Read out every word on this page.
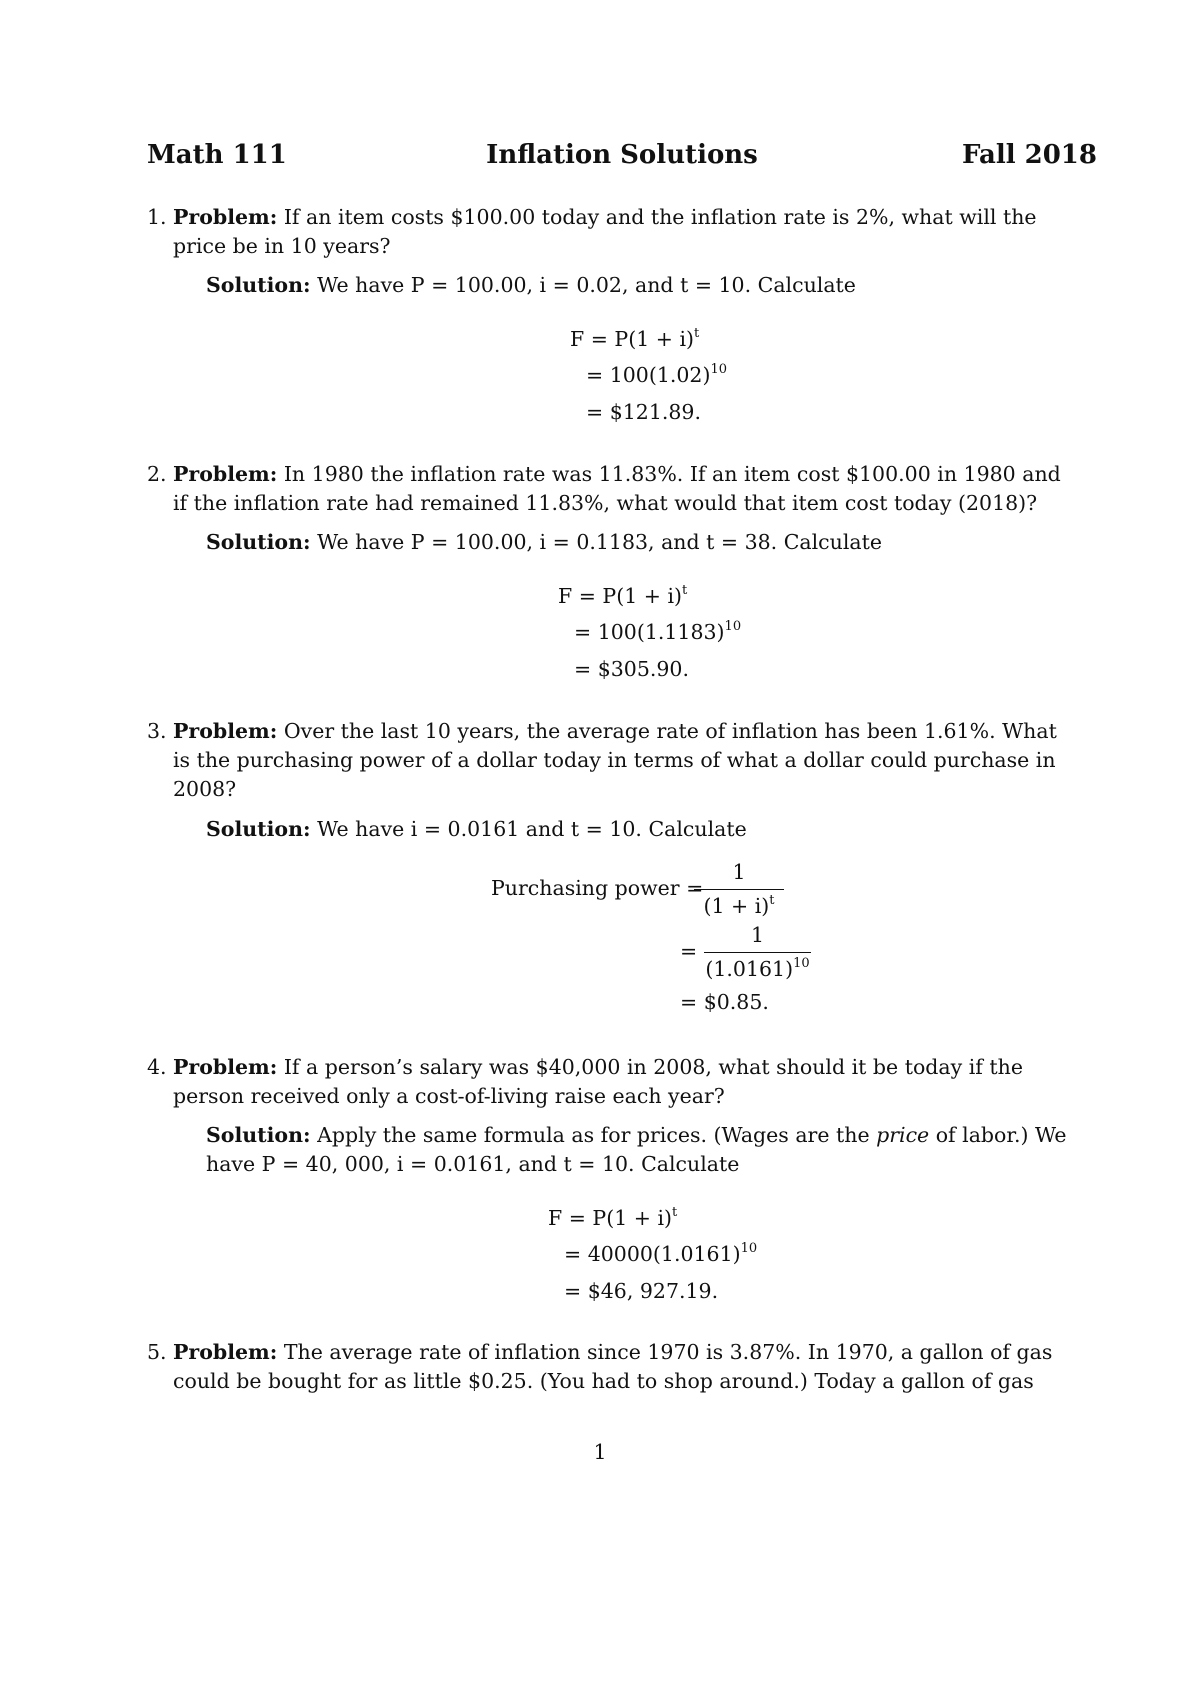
Math 111	Inflation Solutions	Fall 2018
1. Problem: If an item costs $100.00 today and the inflation rate is 2%, what will the
price be in 10 years?
Solution: We have P = 100.00, i = 0.02, and t = 10. Calculate
$F = P(1 + i)^t$
= $100(1.02)^{10}$
= $121.89.
2. Problem: In 1980 the inflation rate was 11.83%. If an item cost $100.00 in 1980 and
if the inflation rate had remained 11.83%, what would that item cost today (2018)?
Solution: We have P = 100.00, i = 0.1183, and t = 38. Calculate
$F = P(1 + i)^t$
= $100(1.1183)^{10}$
= $305.90.
3. Problem: Over the last 10 years, the average rate of inflation has been 1.61%. What
is the purchasing power of a dollar today in terms of what a dollar could purchase in
2008?
Solution: We have i = 0.0161 and t = 10. Calculate
Purchasing power =
1
$(1 + i)^t$
=
1
$(1.0161)^{10}$
= $0.85.
4. Problem: If a person’s salary was $40,000 in 2008, what should it be today if the
person received only a cost-of-living raise each year?
Solution: Apply the same formula as for prices. (Wages are the price of labor.) We
have P = 40, 000, i = 0.0161, and t = 10. Calculate
$F = P(1 + i)^t$
= $40000(1.0161)^{10}$
= $46, 927.19.
5. Problem: The average rate of inflation since 1970 is 3.87%. In 1970, a gallon of gas
could be bought for as little $0.25. (You had to shop around.) Today a gallon of gas
1
